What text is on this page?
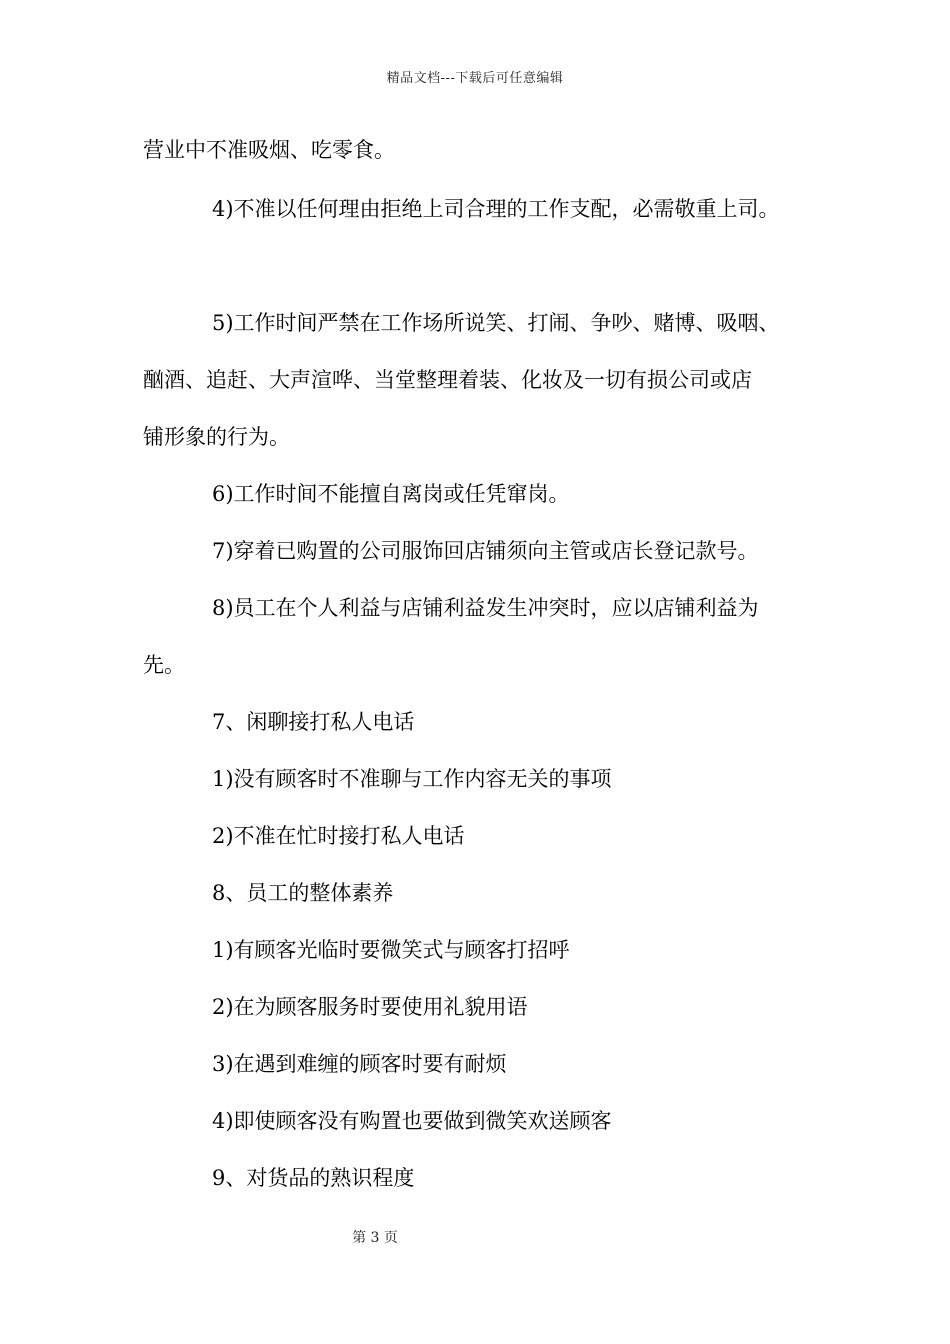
精品文档---下载后可任意编辑
营业中不准吸烟、吃零食。
4)不准以任何理由拒绝上司合理的工作支配，必需敬重上司。
5)工作时间严禁在工作场所说笑、打闹、争吵、赌博、吸咽、
酗酒、追赶、大声渲哗、当堂整理着装、化妆及一切有损公司或店
铺形象的行为。
6)工作时间不能擅自离岗或任凭窜岗。
7)穿着已购置的公司服饰回店铺须向主管或店长登记款号。
8)员工在个人利益与店铺利益发生冲突时，应以店铺利益为
先。
7、闲聊接打私人电话
1)没有顾客时不准聊与工作内容无关的事项
2)不准在忙时接打私人电话
8、员工的整体素养
1)有顾客光临时要微笑式与顾客打招呼
2)在为顾客服务时要使用礼貌用语
3)在遇到难缠的顾客时要有耐烦
4)即使顾客没有购置也要做到微笑欢送顾客
9、对货品的熟识程度
第 3 页
